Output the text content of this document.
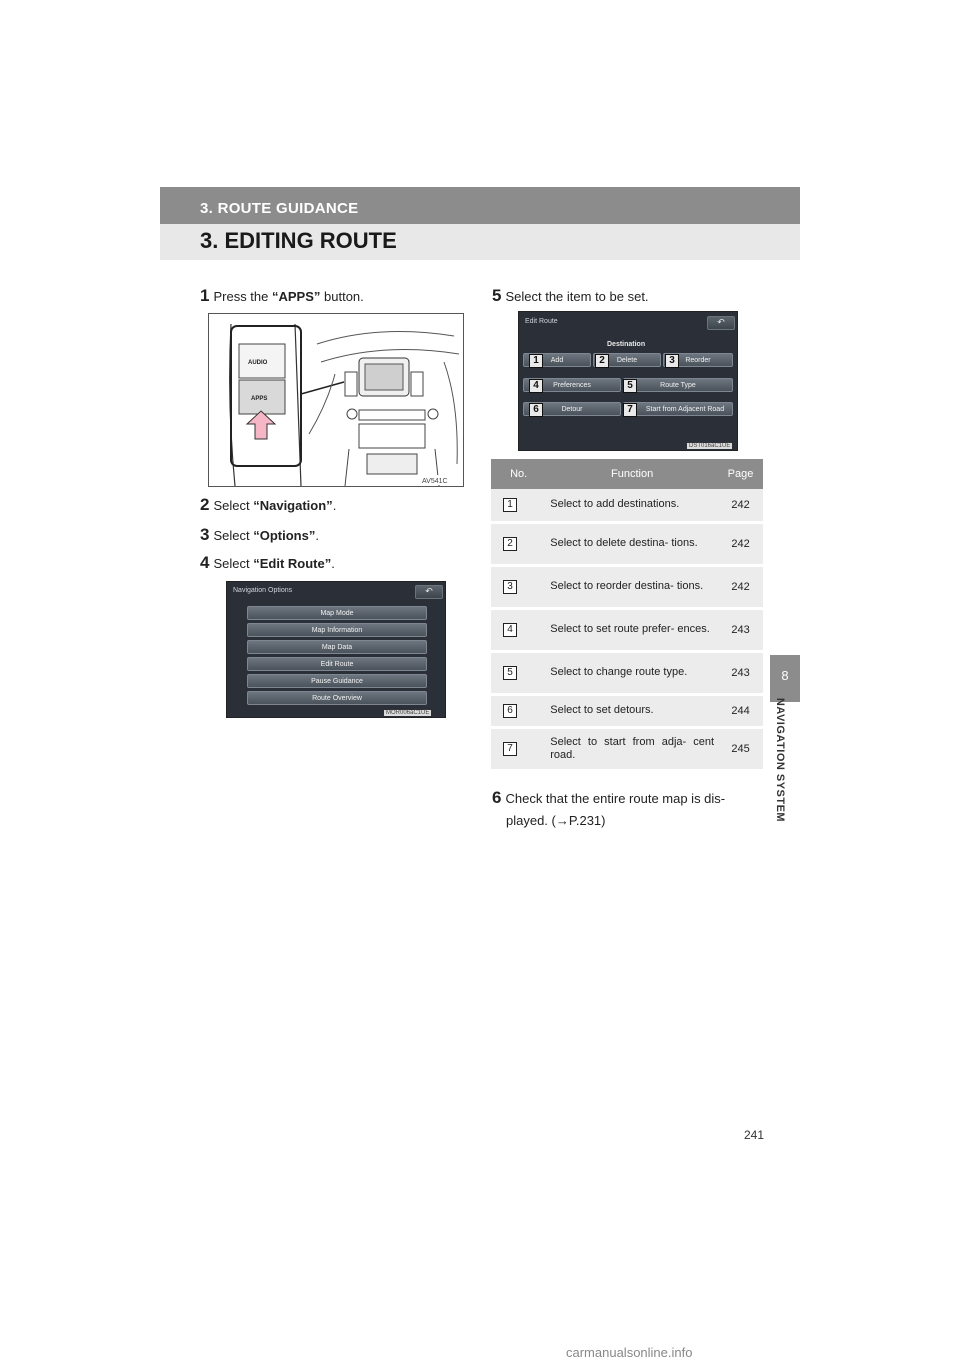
3. ROUTE GUIDANCE
3. EDITING ROUTE
8
NAVIGATION SYSTEM
1 Press the “APPS” button.
AUDIO
APPS
AV541C
2 Select “Navigation”.
3 Select “Options”.
4 Select “Edit Route”.
Navigation Options	↶
Map Mode
Map Information
Map Data
Edit Route
Pause Guidance
Route Overview
MOR006aC1UE
5 Select the item to be set.
Edit Route	↶
Destination
Add
1	Delete
2	Reorder
3
Preferences
4	Route Type
5
Detour
6	Start from Adjacent Road
7
DST016aC1UE
No.	Function	Page
1	Select to add destinations.	242
2	Select to delete destina- tions.	242
3	Select to reorder destina- tions.	242
4	Select to set route prefer- ences.	243
5	Select to change route type.	243
6	Select to set detours.	244
7	Select to start from adja- cent road.	245
6 Check that the entire route map is dis-
played. (→P.231)
241
carmanualsonline.info
